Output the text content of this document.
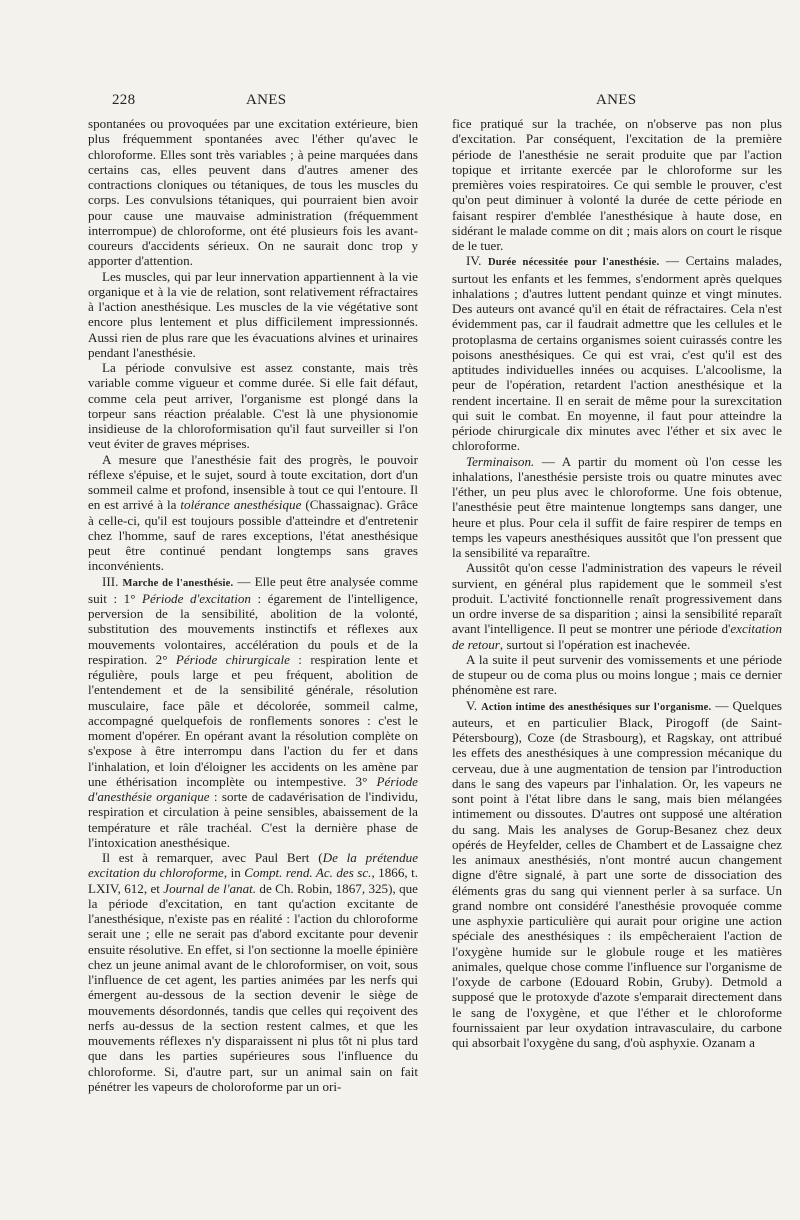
228	ANES	ANES

spontanées ou provoquées par une excitation extérieure, bien plus fréquemment spontanées avec l'éther qu'avec le chloroforme. Elles sont très variables ; à peine marquées dans certains cas, elles peuvent dans d'autres amener des contractions cloniques ou tétaniques, de tous les muscles du corps. Les convulsions tétaniques, qui pourraient bien avoir pour cause une mauvaise administration (fréquemment interrompue) de chloroforme, ont été plusieurs fois les avant-coureurs d'accidents sérieux. On ne saurait donc trop y apporter d'attention.

Les muscles, qui par leur innervation appartiennent à la vie organique et à la vie de relation, sont relativement réfractaires à l'action anesthésique. Les muscles de la vie végétative sont encore plus lentement et plus difficilement impressionnés. Aussi rien de plus rare que les évacuations alvines et urinaires pendant l'anesthésie.

La période convulsive est assez constante, mais très variable comme vigueur et comme durée. Si elle fait défaut, comme cela peut arriver, l'organisme est plongé dans la torpeur sans réaction préalable. C'est là une physionomie insidieuse de la chloroformisation qu'il faut surveiller si l'on veut éviter de graves méprises.

A mesure que l'anesthésie fait des progrès, le pouvoir réflexe s'épuise, et le sujet, sourd à toute excitation, dort d'un sommeil calme et profond, insensible à tout ce qui l'entoure. Il en est arrivé à la tolérance anesthésique (Chassaignac). Grâce à celle-ci, qu'il est toujours possible d'atteindre et d'entretenir chez l'homme, sauf de rares exceptions, l'état anesthésique peut être continué pendant longtemps sans graves inconvénients.

III. Marche de l'anesthésie. — Elle peut être analysée comme suit : 1° Période d'excitation : égarement de l'intelligence, perversion de la sensibilité, abolition de la volonté, substitution des mouvements instinctifs et réflexes aux mouvements volontaires, accélération du pouls et de la respiration. 2° Période chirurgicale : respiration lente et régulière, pouls large et peu fréquent, abolition de l'entendement et de la sensibilité générale, résolution musculaire, face pâle et décolorée, sommeil calme, accompagné quelquefois de ronflements sonores : c'est le moment d'opérer. En opérant avant la résolution complète on s'expose à être interrompu dans l'action du fer et dans l'inhalation, et loin d'éloigner les accidents on les amène par une éthérisation incomplète ou intempestive. 3° Période d'anesthésie organique : sorte de cadavérisation de l'individu, respiration et circulation à peine sensibles, abaissement de la température et râle trachéal. C'est la dernière phase de l'intoxication anesthésique.

Il est à remarquer, avec Paul Bert (De la prétendue excitation du chloroforme, in Compt. rend. Ac. des sc., 1866, t. LXIV, 612, et Journal de l'anat. de Ch. Robin, 1867, 325), que la période d'excitation, en tant qu'action excitante de l'anesthésique, n'existe pas en réalité : l'action du chloroforme serait une ; elle ne serait pas d'abord excitante pour devenir ensuite résolutive. En effet, si l'on sectionne la moelle épinière chez un jeune animal avant de le chloroformiser, on voit, sous l'influence de cet agent, les parties animées par les nerfs qui émergent au-dessous de la section devenir le siège de mouvements désordonnés, tandis que celles qui reçoivent des nerfs au-dessus de la section restent calmes, et que les mouvements réflexes n'y disparaissent ni plus tôt ni plus tard que dans les parties supérieures sous l'influence du chloroforme. Si, d'autre part, sur un animal sain on fait pénétrer les vapeurs de choloroforme par un ori-

fice pratiqué sur la trachée, on n'observe pas non plus d'excitation. Par conséquent, l'excitation de la première période de l'anesthésie ne serait produite que par l'action topique et irritante exercée par le chloroforme sur les premières voies respiratoires. Ce qui semble le prouver, c'est qu'on peut diminuer à volonté la durée de cette période en faisant respirer d'emblée l'anesthésique à haute dose, en sidérant le malade comme on dit ; mais alors on court le risque de le tuer.

IV. Durée nécessitée pour l'anesthésie. — Certains malades, surtout les enfants et les femmes, s'endorment après quelques inhalations ; d'autres luttent pendant quinze et vingt minutes. Des auteurs ont avancé qu'il en était de réfractaires. Cela n'est évidemment pas, car il faudrait admettre que les cellules et le protoplasma de certains organismes soient cuirassés contre les poisons anesthésiques. Ce qui est vrai, c'est qu'il est des aptitudes individuelles innées ou acquises. L'alcoolisme, la peur de l'opération, retardent l'action anesthésique et la rendent incertaine. Il en serait de même pour la surexcitation qui suit le combat. En moyenne, il faut pour atteindre la période chirurgicale dix minutes avec l'éther et six avec le chloroforme.

Terminaison. — A partir du moment où l'on cesse les inhalations, l'anesthésie persiste trois ou quatre minutes avec l'éther, un peu plus avec le chloroforme. Une fois obtenue, l'anesthésie peut être maintenue longtemps sans danger, une heure et plus. Pour cela il suffit de faire respirer de temps en temps les vapeurs anesthésiques aussitôt que l'on pressent que la sensibilité va reparaître.

Aussitôt qu'on cesse l'administration des vapeurs le réveil survient, en général plus rapidement que le sommeil s'est produit. L'activité fonctionnelle renaît progressivement dans un ordre inverse de sa disparition ; ainsi la sensibilité reparaît avant l'intelligence. Il peut se montrer une période d'excitation de retour, surtout si l'opération est inachevée.

A la suite il peut survenir des vomissements et une période de stupeur ou de coma plus ou moins longue ; mais ce dernier phénomène est rare.

V. Action intime des anesthésiques sur l'organisme. — Quelques auteurs, et en particulier Black, Pirogoff (de Saint-Pétersbourg), Coze (de Strasbourg), et Ragskay, ont attribué les effets des anesthésiques à une compression mécanique du cerveau, due à une augmentation de tension par l'introduction dans le sang des vapeurs par l'inhalation. Or, les vapeurs ne sont point à l'état libre dans le sang, mais bien mélangées intimement ou dissoutes. D'autres ont supposé une altération du sang. Mais les analyses de Gorup-Besanez chez deux opérés de Heyfelder, celles de Chambert et de Lassaigne chez les animaux anesthésiés, n'ont montré aucun changement digne d'être signalé, à part une sorte de dissociation des éléments gras du sang qui viennent perler à sa surface. Un grand nombre ont considéré l'anesthésie provoquée comme une asphyxie particulière qui aurait pour origine une action spéciale des anesthésiques : ils empêcheraient l'action de l'oxygène humide sur le globule rouge et les matières animales, quelque chose comme l'influence sur l'organisme de l'oxyde de carbone (Edouard Robin, Gruby). Detmold a supposé que le protoxyde d'azote s'emparait directement dans le sang de l'oxygène, et que l'éther et le chloroforme fournissaient par leur oxydation intravasculaire, du carbone qui absorbait l'oxygène du sang, d'où asphyxie. Ozanam a
